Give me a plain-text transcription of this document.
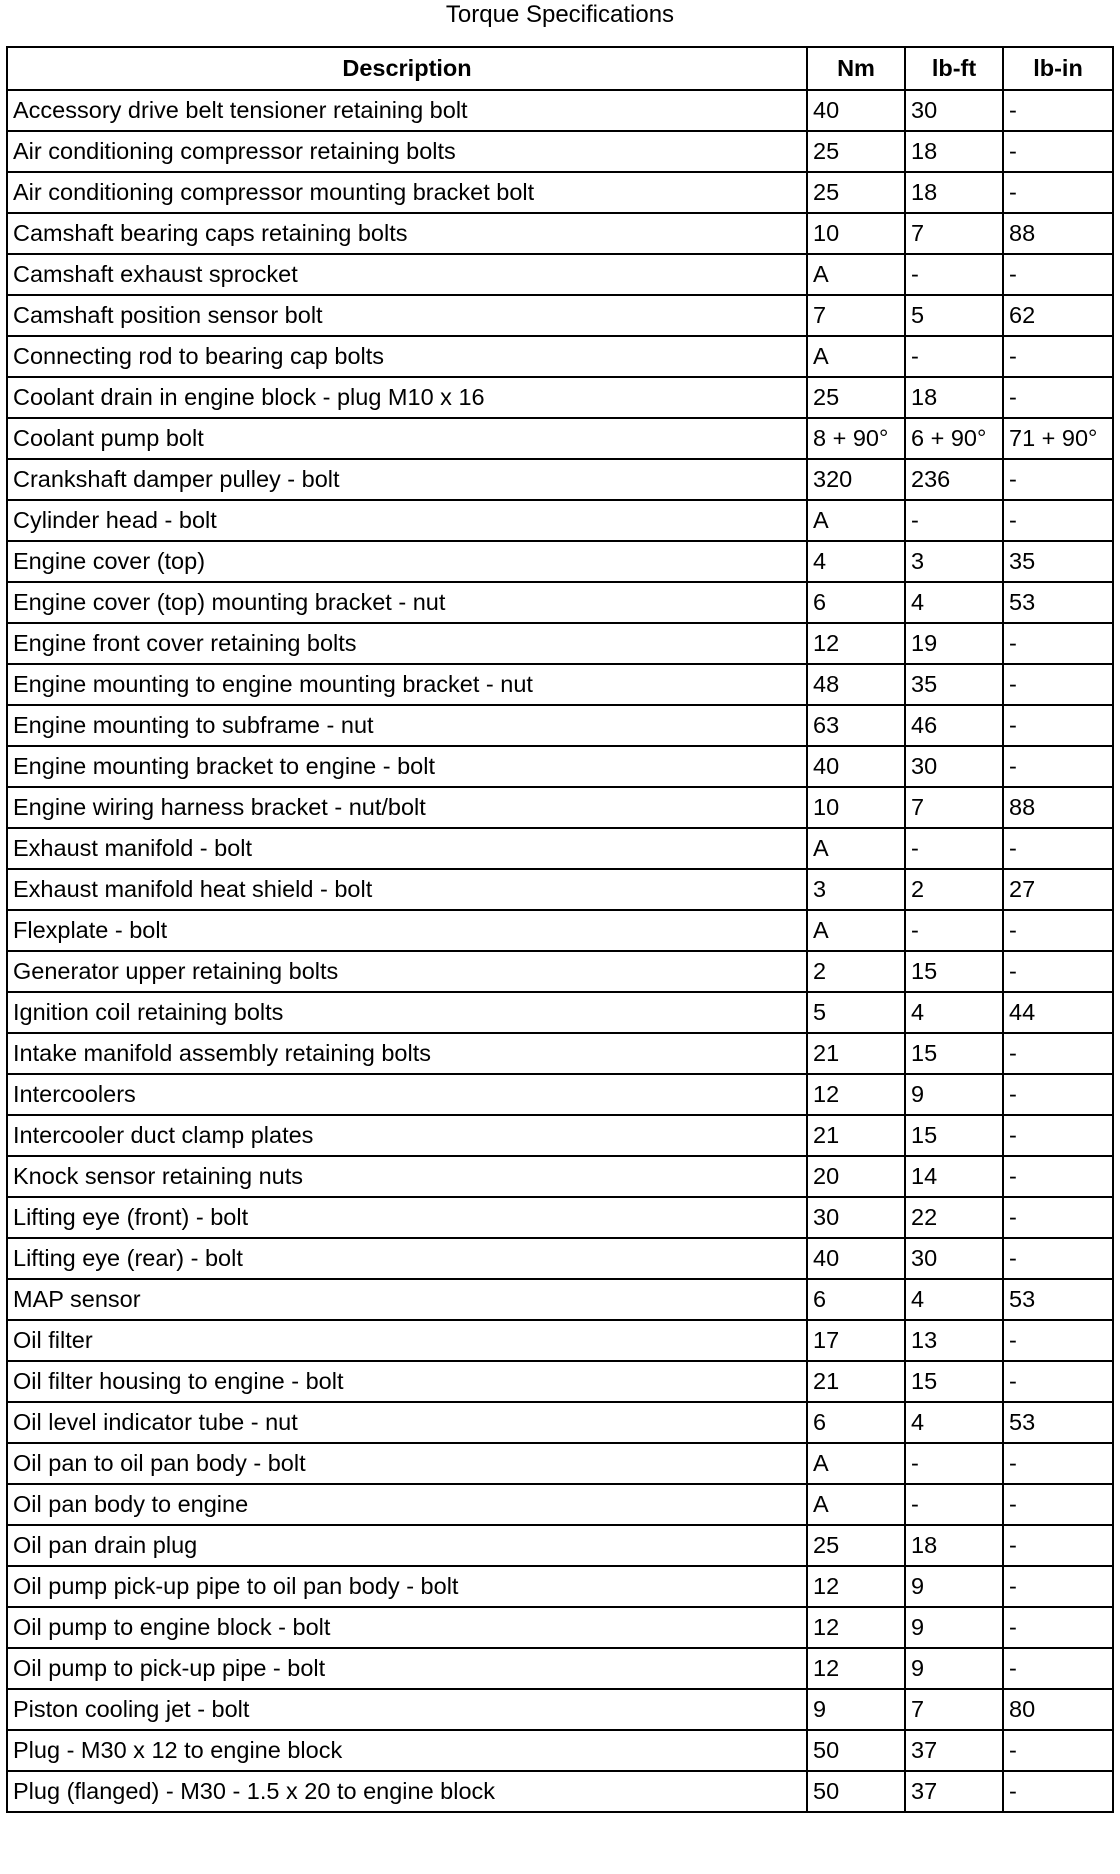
Torque Specifications
Description	Nm	lb-ft	lb-in
Accessory drive belt tensioner retaining bolt	40	30	-
Air conditioning compressor retaining bolts	25	18	-
Air conditioning compressor mounting bracket bolt	25	18	-
Camshaft bearing caps retaining bolts	10	7	88
Camshaft exhaust sprocket	A	-	-
Camshaft position sensor bolt	7	5	62
Connecting rod to bearing cap bolts	A	-	-
Coolant drain in engine block - plug M10 x 16	25	18	-
Coolant pump bolt	8 + 90°	6 + 90°	71 + 90°
Crankshaft damper pulley - bolt	320	236	-
Cylinder head - bolt	A	-	-
Engine cover (top)	4	3	35
Engine cover (top) mounting bracket - nut	6	4	53
Engine front cover retaining bolts	12	19	-
Engine mounting to engine mounting bracket - nut	48	35	-
Engine mounting to subframe - nut	63	46	-
Engine mounting bracket to engine - bolt	40	30	-
Engine wiring harness bracket - nut/bolt	10	7	88
Exhaust manifold - bolt	A	-	-
Exhaust manifold heat shield - bolt	3	2	27
Flexplate - bolt	A	-	-
Generator upper retaining bolts	2	15	-
Ignition coil retaining bolts	5	4	44
Intake manifold assembly retaining bolts	21	15	-
Intercoolers	12	9	-
Intercooler duct clamp plates	21	15	-
Knock sensor retaining nuts	20	14	-
Lifting eye (front) - bolt	30	22	-
Lifting eye (rear) - bolt	40	30	-
MAP sensor	6	4	53
Oil filter	17	13	-
Oil filter housing to engine - bolt	21	15	-
Oil level indicator tube - nut	6	4	53
Oil pan to oil pan body - bolt	A	-	-
Oil pan body to engine	A	-	-
Oil pan drain plug	25	18	-
Oil pump pick-up pipe to oil pan body - bolt	12	9	-
Oil pump to engine block - bolt	12	9	-
Oil pump to pick-up pipe - bolt	12	9	-
Piston cooling jet - bolt	9	7	80
Plug - M30 x 12 to engine block	50	37	-
Plug (flanged) - M30 - 1.5 x 20 to engine block	50	37	-
